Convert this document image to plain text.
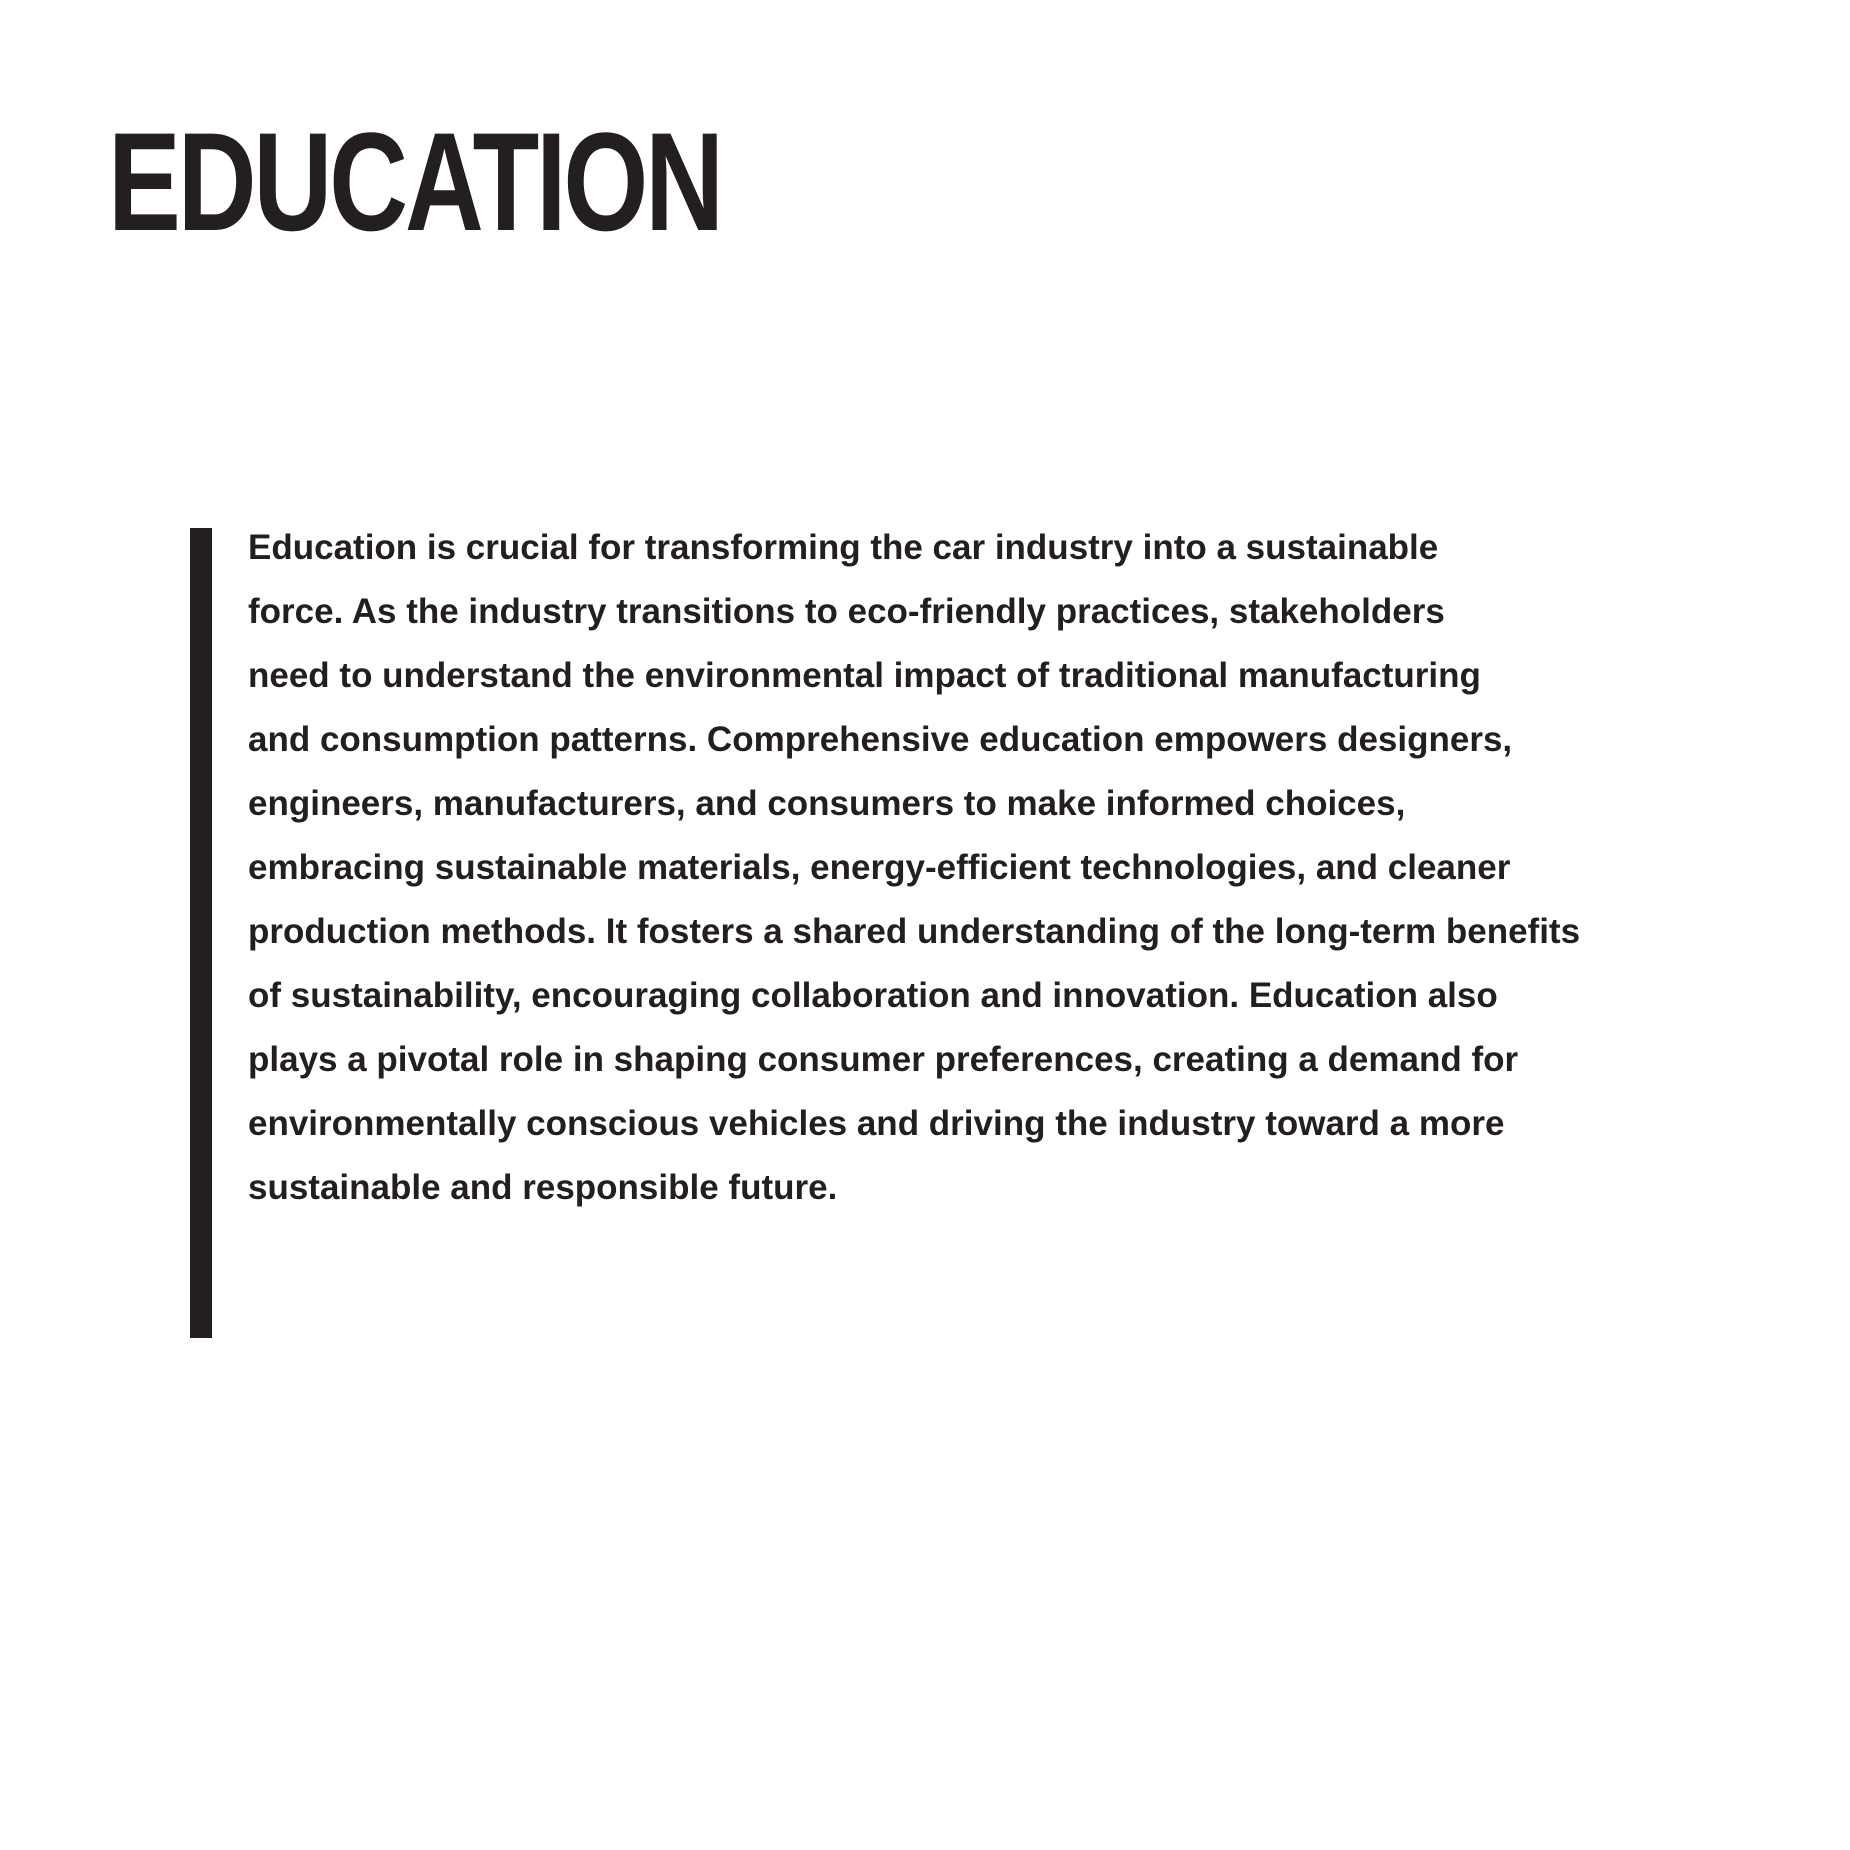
EDUCATION

Education is crucial for transforming the car industry into a sustainable
force. As the industry transitions to eco-friendly practices, stakeholders
need to understand the environmental impact of traditional manufacturing
and consumption patterns. Comprehensive education empowers designers,
engineers, manufacturers, and consumers to make informed choices,
embracing sustainable materials, energy-efficient technologies, and cleaner
production methods. It fosters a shared understanding of the long-term benefits
of sustainability, encouraging collaboration and innovation. Education also
plays a pivotal role in shaping consumer preferences, creating a demand for
environmentally conscious vehicles and driving the industry toward a more
sustainable and responsible future.
